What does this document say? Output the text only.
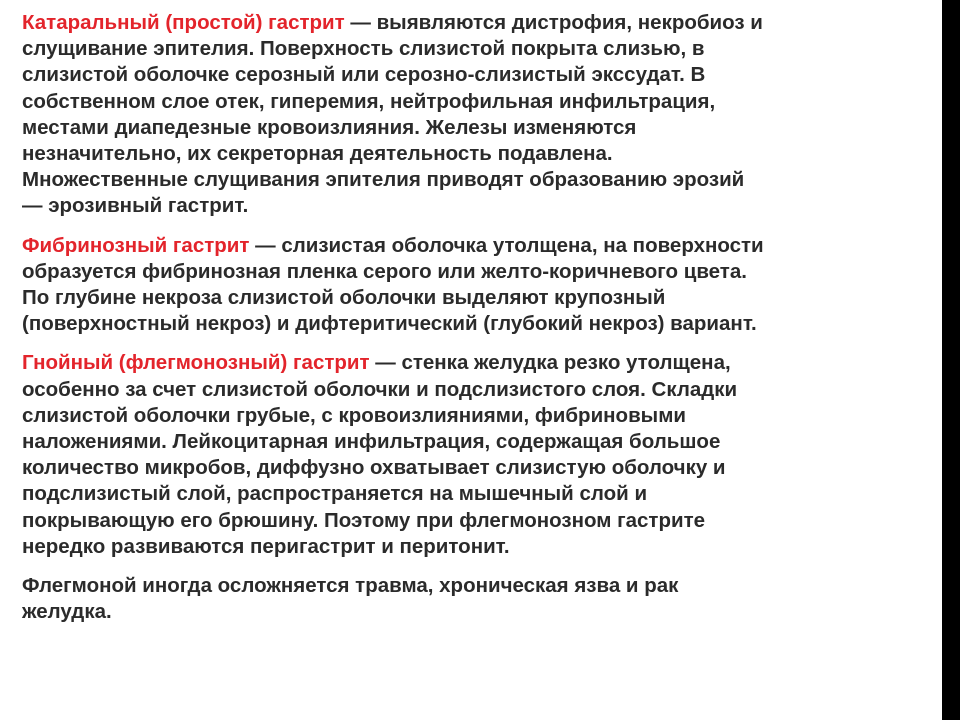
Катаральный (простой) гастрит — выявляются дистрофия, некробиоз и
слущивание эпителия. Поверхность слизистой покрыта слизью, в
слизистой оболочке серозный или серозно-слизистый экссудат. В
собственном слое отек, гиперемия, нейтрофильная инфильтрация,
местами диапедезные кровоизлияния. Железы изменяются
незначительно, их секреторная деятельность подавлена.
Множественные слущивания эпителия приводят образованию эрозий
— эрозивный гастрит.

Фибринозный гастрит — слизистая оболочка утолщена, на поверхности
образуется фибринозная пленка серого или желто-коричневого цвета.
По глубине некроза слизистой оболочки выделяют крупозный
(поверхностный некроз) и дифтеритический (глубокий некроз) вариант.

Гнойный (флегмонозный) гастрит — стенка желудка резко утолщена,
особенно за счет слизистой оболочки и подслизистого слоя. Складки
слизистой оболочки грубые, с кровоизлияниями, фибриновыми
наложениями. Лейкоцитарная инфильтрация, содержащая большое
количество микробов, диффузно охватывает слизистую оболочку и
подслизистый слой, распространяется на мышечный слой и
покрывающую его брюшину. Поэтому при флегмонозном гастрите
нередко развиваются перигастрит и перитонит.

Флегмоной иногда осложняется травма, хроническая язва и рак
желудка.
